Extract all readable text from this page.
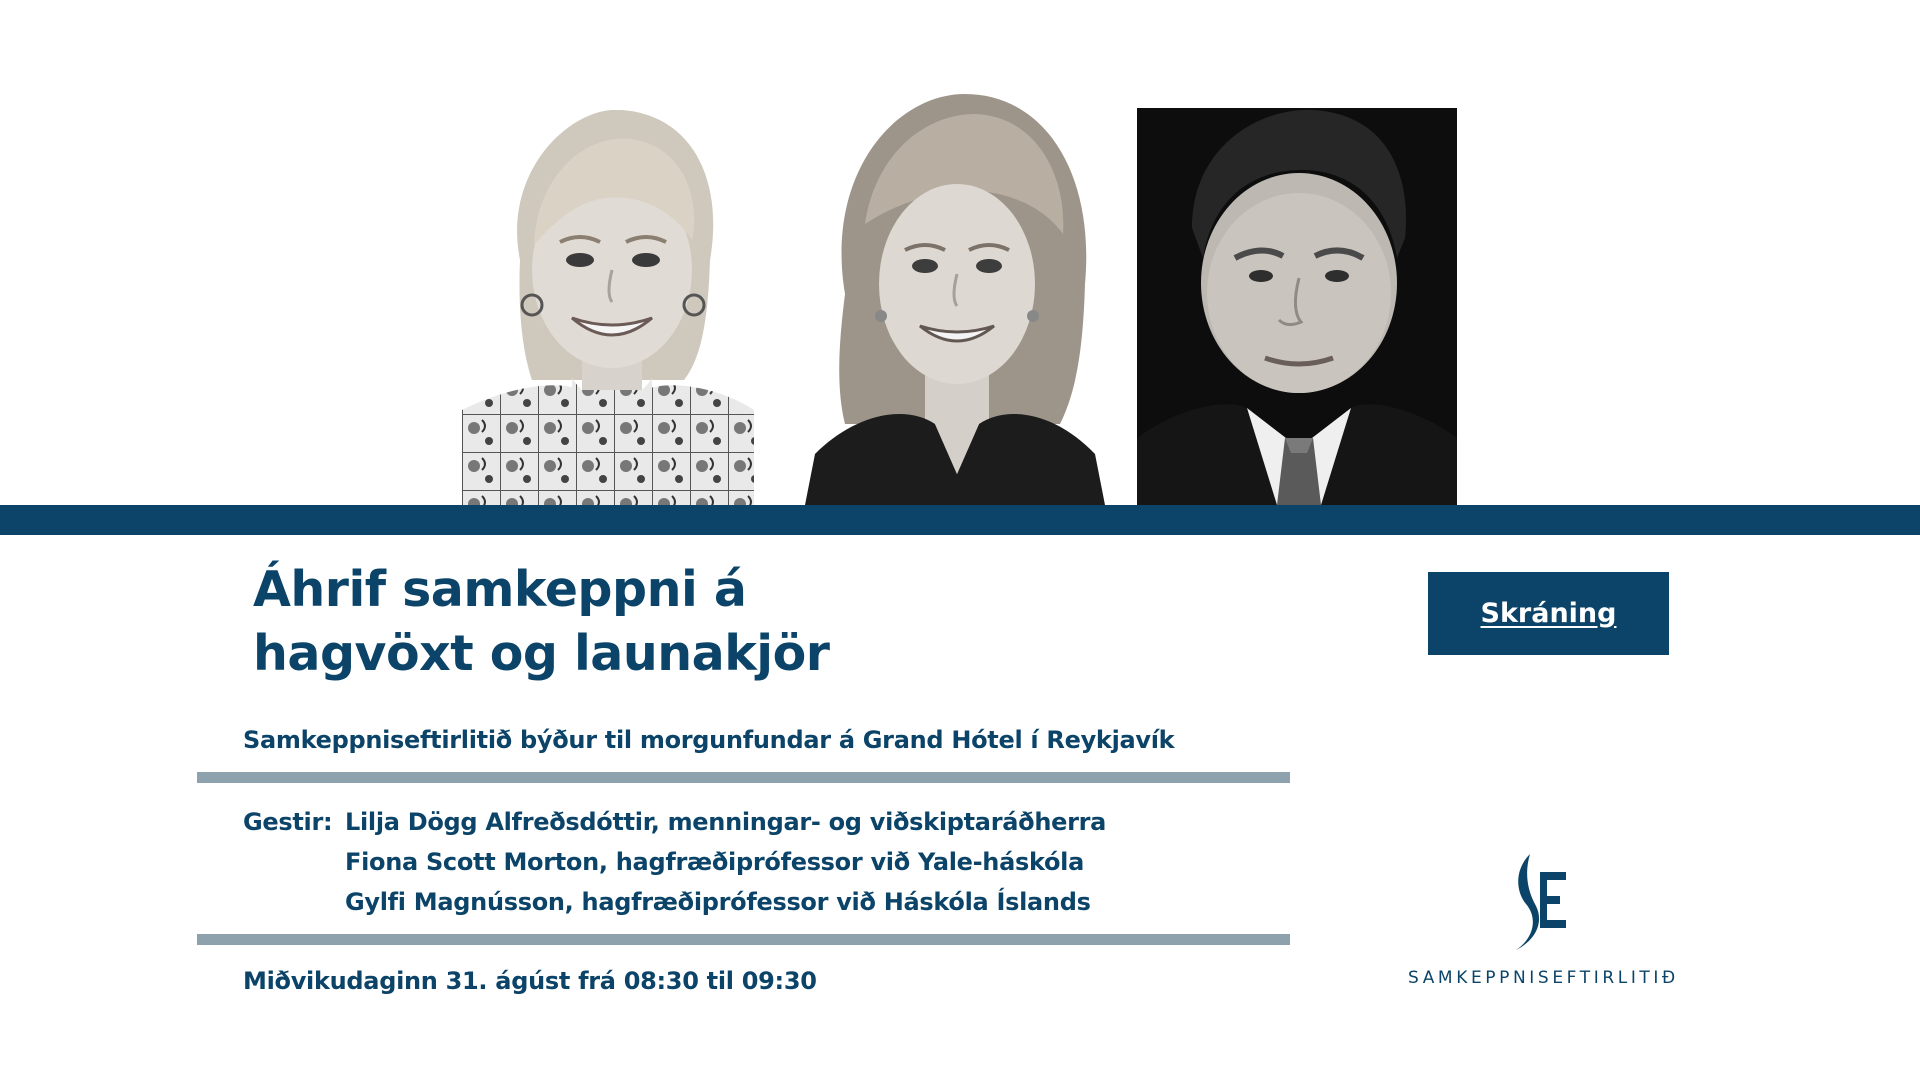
Áhrif samkeppni á
hagvöxt og launakjör
Samkeppniseftirlitið býður til morgunfundar á Grand Hótel í Reykjavík
Gestir: Lilja Dögg Alfreðsdóttir, menningar- og viðskiptaráðherra
Fiona Scott Morton, hagfræðiprófessor við Yale-háskóla
Gylfi Magnússon, hagfræðiprófessor við Háskóla Íslands
Miðvikudaginn 31. ágúst frá 08:30 til 09:30
Skráning
SAMKEPPNISEFTIRLITIÐ
